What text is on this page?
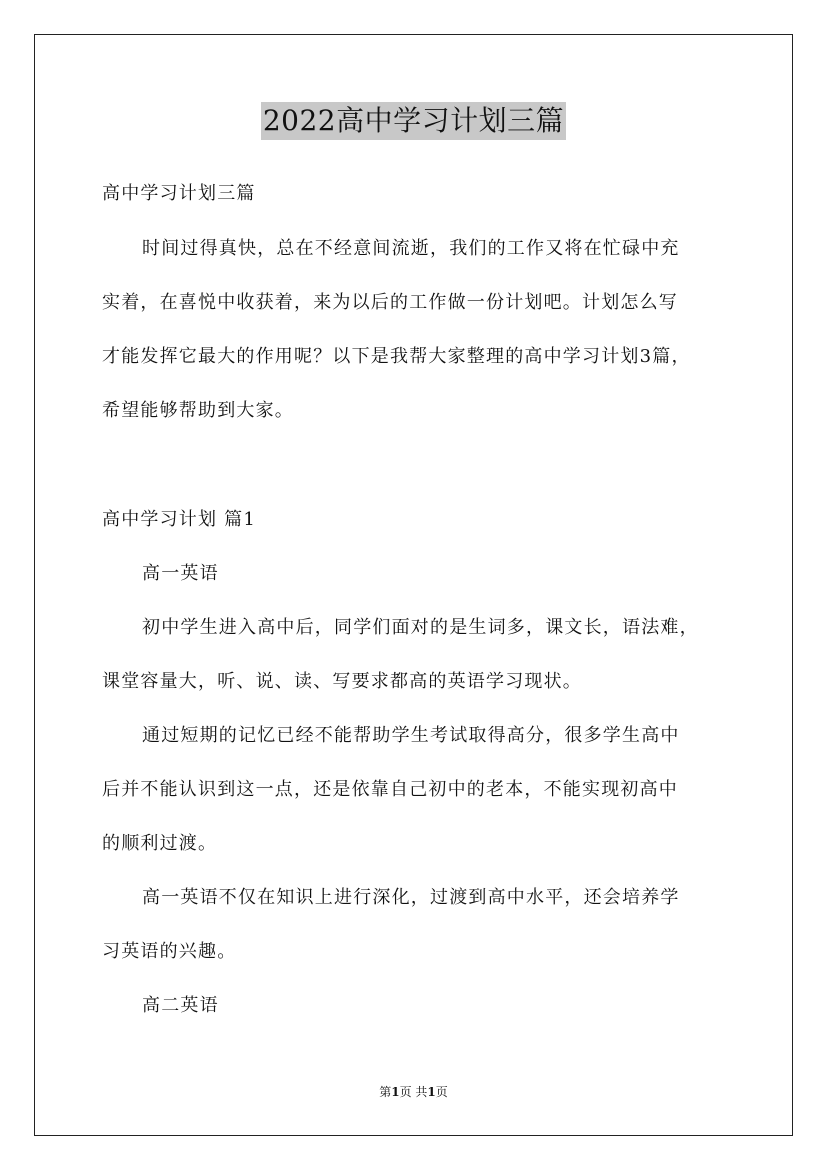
2022高中学习计划三篇
高中学习计划三篇
时间过得真快，总在不经意间流逝，我们的工作又将在忙碌中充
实着，在喜悦中收获着，来为以后的工作做一份计划吧。计划怎么写
才能发挥它最大的作用呢？以下是我帮大家整理的高中学习计划3篇，
希望能够帮助到大家。
高中学习计划 篇1
高一英语
初中学生进入高中后，同学们面对的是生词多，课文长，语法难，
课堂容量大，听、说、读、写要求都高的英语学习现状。
通过短期的记忆已经不能帮助学生考试取得高分，很多学生高中
后并不能认识到这一点，还是依靠自己初中的老本，不能实现初高中
的顺利过渡。
高一英语不仅在知识上进行深化，过渡到高中水平，还会培养学
习英语的兴趣。
高二英语
第1页 共1页
